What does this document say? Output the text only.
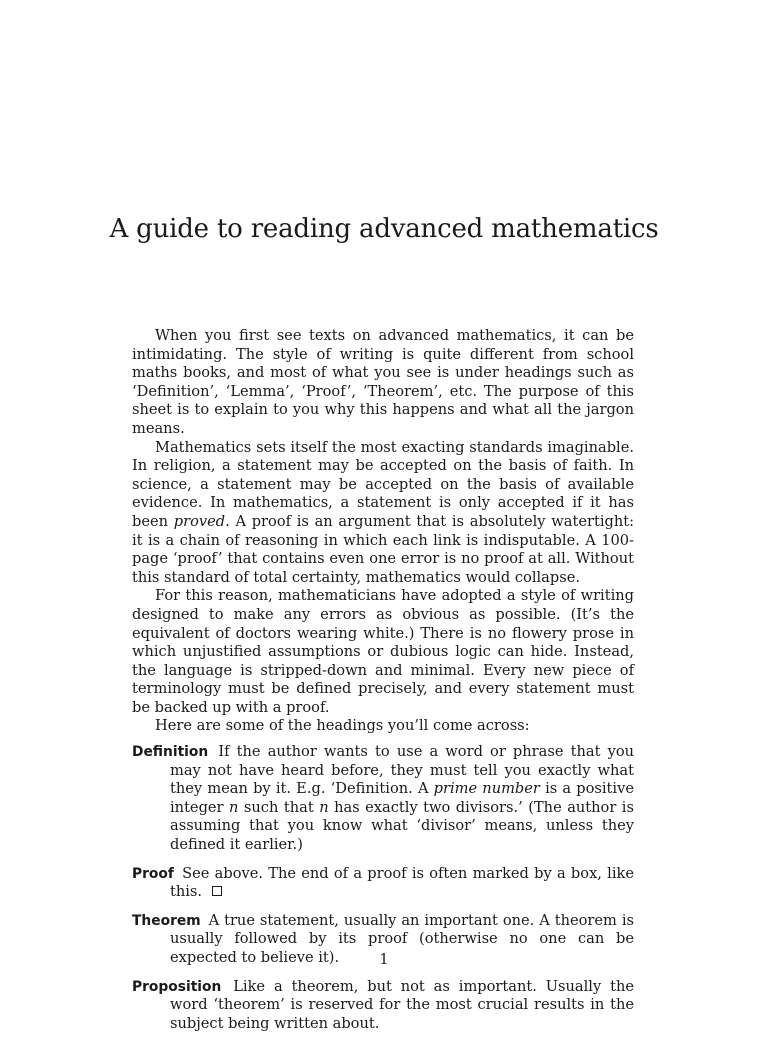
A guide to reading advanced mathematics

When you first see texts on advanced mathematics, it can be intimidating. The style of writing is quite different from school maths books, and most of what you see is under headings such as ‘Definition’, ‘Lemma’, ‘Proof’, ‘Theorem’, etc. The purpose of this sheet is to explain to you why this happens and what all the jargon means.

Mathematics sets itself the most exacting standards imaginable. In religion, a statement may be accepted on the basis of faith. In science, a statement may be accepted on the basis of available evidence. In mathematics, a statement is only accepted if it has been proved. A proof is an argument that is absolutely watertight: it is a chain of reasoning in which each link is indisputable. A 100-page ‘proof’ that contains even one error is no proof at all. Without this standard of total certainty, mathematics would collapse.

For this reason, mathematicians have adopted a style of writing designed to make any errors as obvious as possible. (It’s the equivalent of doctors wearing white.) There is no flowery prose in which unjustified assumptions or dubious logic can hide. Instead, the language is stripped-down and minimal. Every new piece of terminology must be defined precisely, and every statement must be backed up with a proof.

Here are some of the headings you’ll come across:

Definition If the author wants to use a word or phrase that you may not have heard before, they must tell you exactly what they mean by it. E.g. ‘Definition. A prime number is a positive integer n such that n has exactly two divisors.’ (The author is assuming that you know what ‘divisor’ means, unless they defined it earlier.)
Proof See above. The end of a proof is often marked by a box, like this.
Theorem A true statement, usually an important one. A theorem is usually followed by its proof (otherwise no one can be expected to believe it).
Proposition Like a theorem, but not as important. Usually the word ‘theorem’ is reserved for the most crucial results in the subject being written about.
1
